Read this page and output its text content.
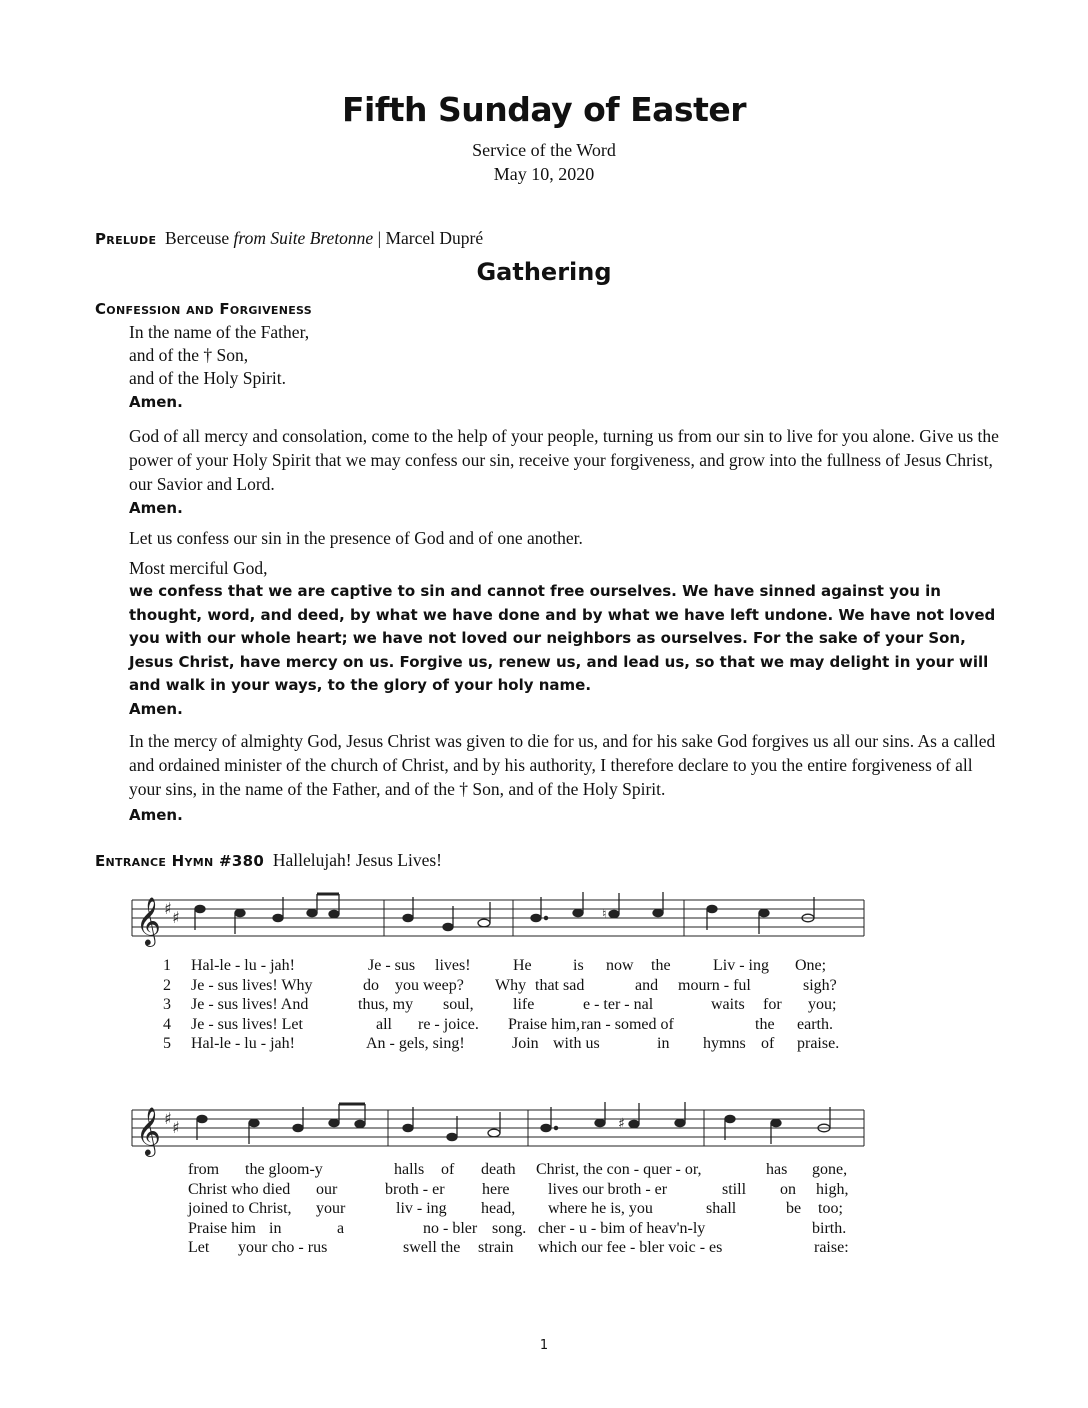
Fifth Sunday of Easter
Service of the Word
May 10, 2020
Prelude Berceuse from Suite Bretonne | Marcel Dupré
Gathering
Confession and Forgiveness
In the name of the Father,
and of the † Son,
and of the Holy Spirit.
Amen.
God of all mercy and consolation, come to the help of your people, turning us from our sin to live for you alone. Give us the power of your Holy Spirit that we may confess our sin, receive your forgiveness, and grow into the fullness of Jesus Christ, our Savior and Lord.
Amen.
Let us confess our sin in the presence of God and of one another.
Most merciful God,
we confess that we are captive to sin and cannot free ourselves. We have sinned against you in thought, word, and deed, by what we have done and by what we have left undone. We have not loved you with our whole heart; we have not loved our neighbors as ourselves. For the sake of your Son, Jesus Christ, have mercy on us. Forgive us, renew us, and lead us, so that we may delight in your will and walk in your ways, to the glory of your holy name.
Amen.
In the mercy of almighty God, Jesus Christ was given to die for us, and for his sake God forgives us all our sins. As a called and ordained minister of the church of Christ, and by his authority, I therefore declare to you the entire forgiveness of all your sins, in the name of the Father, and of the † Son, and of the Holy Spirit.
Amen.
Entrance Hymn #380 Hallelujah! Jesus Lives!
𝄞 ♯ ♯	♮
1 Hal-le - lu - jah!	Je - sus lives!	He	is now the	Liv - ing One;
2 Je - sus lives! Why	do you weep? Why that sad	and mourn - ful	sigh?
3 Je - sus lives! And	thus, my soul, life	e - ter - nal	waits for you;
4 Je - sus lives! Let	all re - joice. Praise him, ran - somed of	the earth.
5 Hal-le - lu - jah!	An - gels, sing!	Join with us	in hymns of praise.
𝄞 ♯ ♯	♯
from the gloom-y	halls of death Christ, the con - quer - or,	has gone,
Christ who died our	broth - er here lives our broth - er	still on high,
joined to Christ, your	liv - ing head, where he is, you	shall	be too;
Praise him in	a	no - bler song. cher - u - bim of heav'n-ly	birth.
Let your cho - rus	swell the strain which our fee - bler voic - es	raise:
1
